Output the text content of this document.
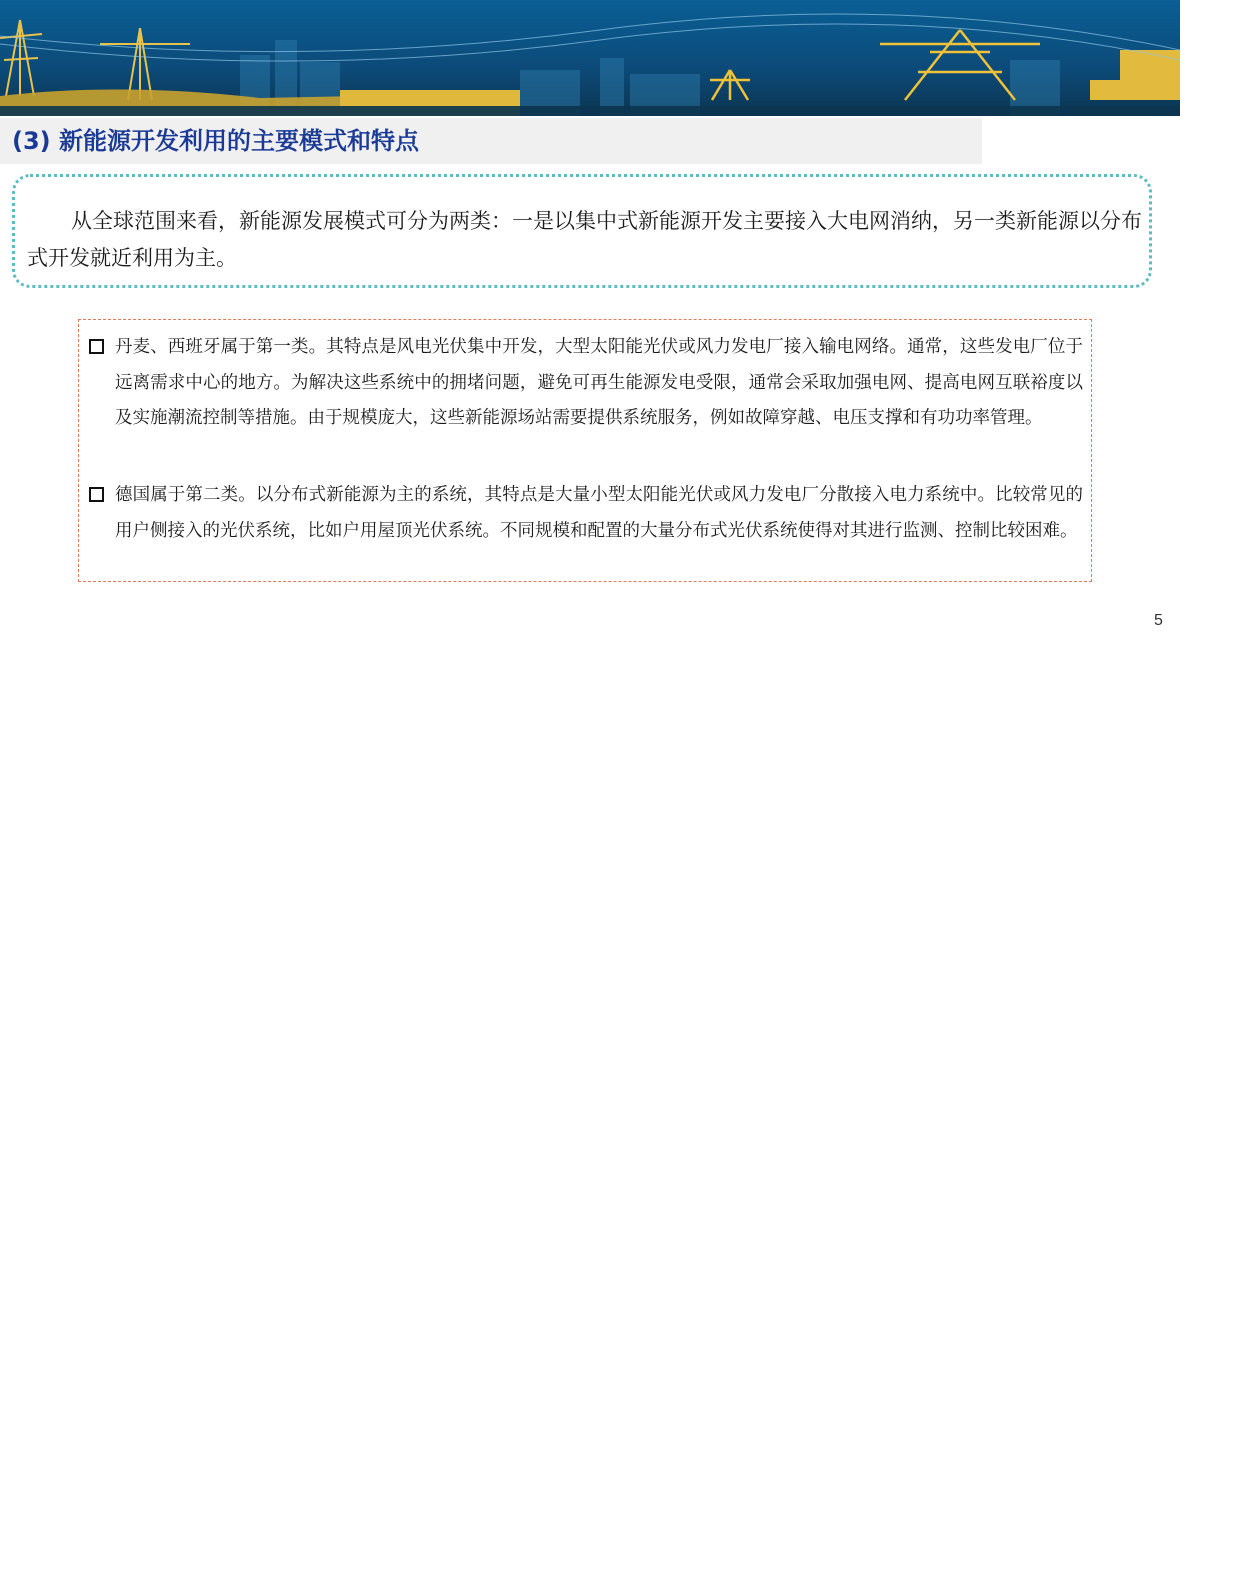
(3) 新能源开发利用的主要模式和特点

从全球范围来看，新能源发展模式可分为两类：一是以集中式新能源开发主要接入大电网消纳，另一类新能源以分布式开发就近利用为主。

丹麦、西班牙属于第一类。其特点是风电光伏集中开发，大型太阳能光伏或风力发电厂接入输电网络。通常，这些发电厂位于远离需求中心的地方。为解决这些系统中的拥堵问题，避免可再生能源发电受限，通常会采取加强电网、提高电网互联裕度以及实施潮流控制等措施。由于规模庞大，这些新能源场站需要提供系统服务，例如故障穿越、电压支撑和有功功率管理。

德国属于第二类。以分布式新能源为主的系统，其特点是大量小型太阳能光伏或风力发电厂分散接入电力系统中。比较常见的用户侧接入的光伏系统，比如户用屋顶光伏系统。不同规模和配置的大量分布式光伏系统使得对其进行监测、控制比较困难。

5
